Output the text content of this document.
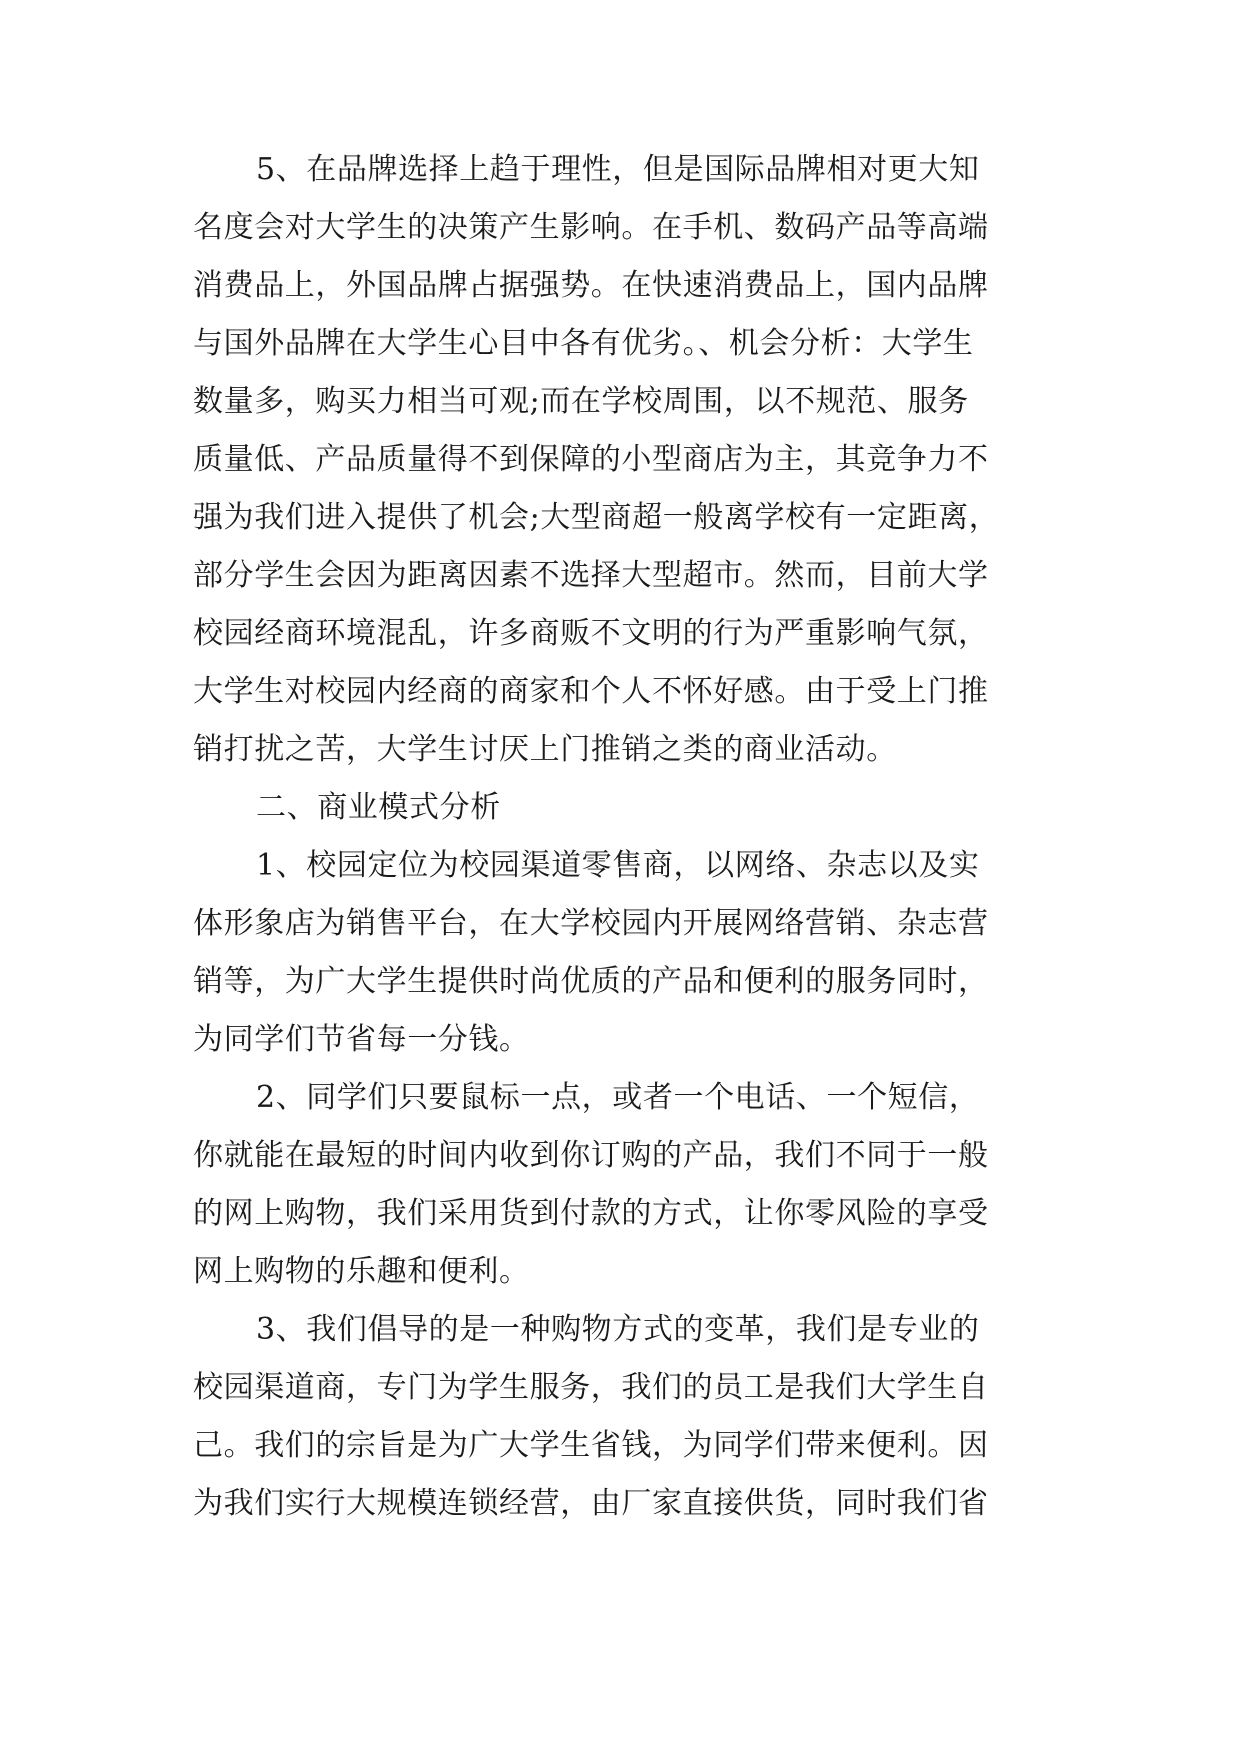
5、在品牌选择上趋于理性，但是国际品牌相对更大知
名度会对大学生的决策产生影响。在手机、数码产品等高端
消费品上，外国品牌占据强势。在快速消费品上，国内品牌
与国外品牌在大学生心目中各有优劣。、机会分析：大学生
数量多，购买力相当可观;而在学校周围，以不规范、服务
质量低、产品质量得不到保障的小型商店为主，其竞争力不
强为我们进入提供了机会;大型商超一般离学校有一定距离，
部分学生会因为距离因素不选择大型超市。然而，目前大学
校园经商环境混乱，许多商贩不文明的行为严重影响气氛，
大学生对校园内经商的商家和个人不怀好感。由于受上门推
销打扰之苦，大学生讨厌上门推销之类的商业活动。
二、商业模式分析
1、校园定位为校园渠道零售商，以网络、杂志以及实
体形象店为销售平台，在大学校园内开展网络营销、杂志营
销等，为广大学生提供时尚优质的产品和便利的服务同时，
为同学们节省每一分钱。
2、同学们只要鼠标一点，或者一个电话、一个短信，
你就能在最短的时间内收到你订购的产品，我们不同于一般
的网上购物，我们采用货到付款的方式，让你零风险的享受
网上购物的乐趣和便利。
3、我们倡导的是一种购物方式的变革，我们是专业的
校园渠道商，专门为学生服务，我们的员工是我们大学生自
己。我们的宗旨是为广大学生省钱，为同学们带来便利。因
为我们实行大规模连锁经营，由厂家直接供货，同时我们省
